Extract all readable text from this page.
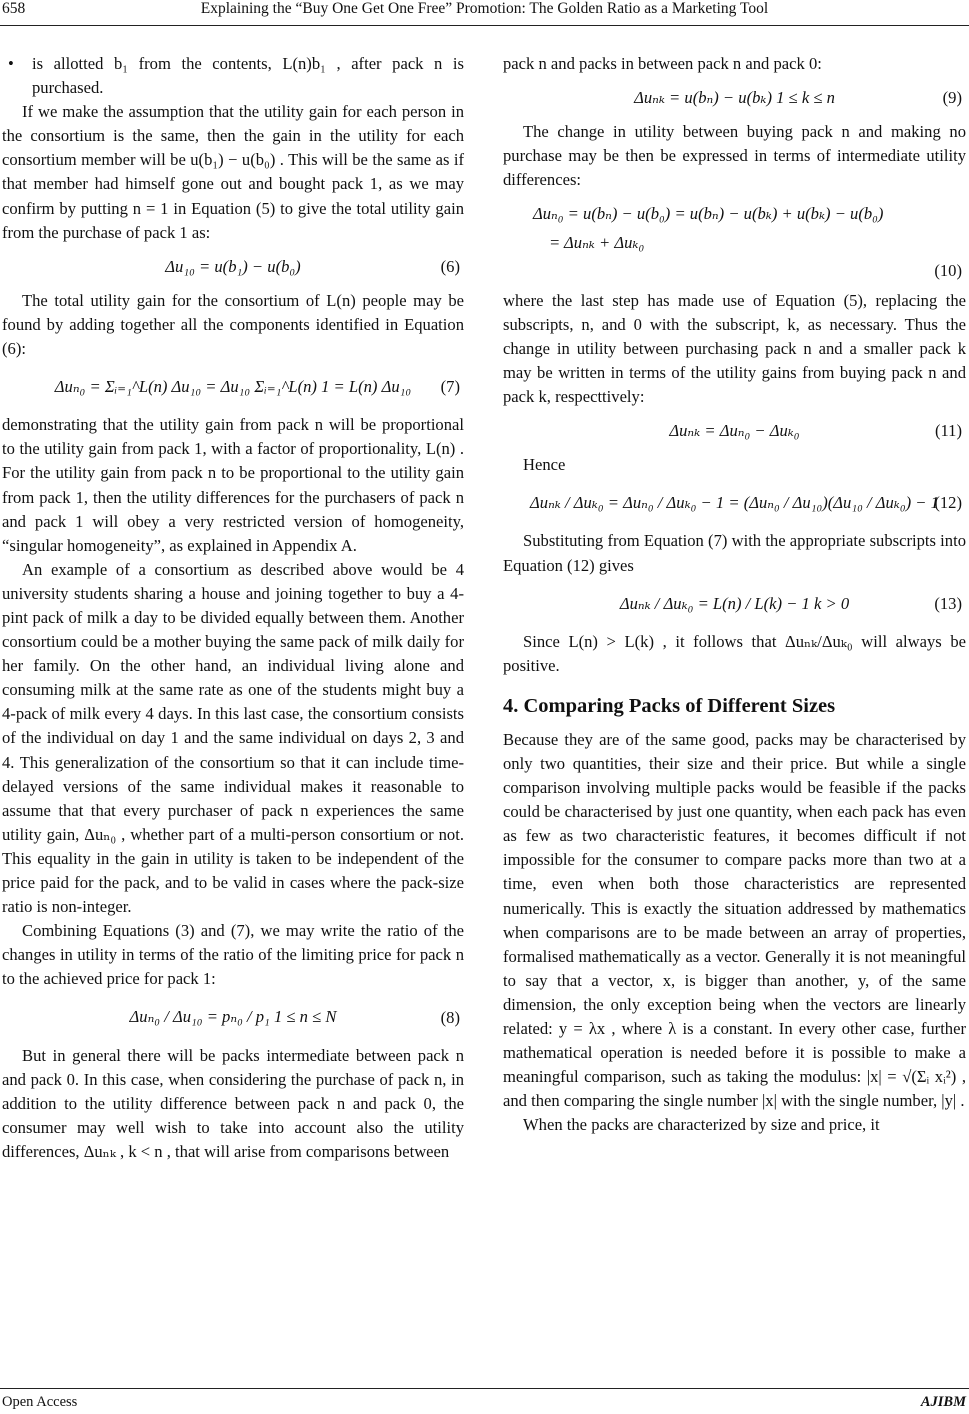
658	Explaining the “Buy One Get One Free” Promotion: The Golden Ratio as a Marketing Tool

• is allotted b₁ from the contents, L(n)b₁ , after pack n is purchased.

If we make the assumption that the utility gain for each person in the consortium is the same, then the gain in the utility for each consortium member will be u(b₁) − u(b₀) . This will be the same as if that member had himself gone out and bought pack 1, as we may confirm by putting n = 1 in Equation (5) to give the total utility gain from the purchase of pack 1 as:

Δu₁₀ = u(b₁) − u(b₀)	(6)

The total utility gain for the consortium of L(n) people may be found by adding together all the components identified in Equation (6):

Δuₙ₀ = Σᵢ₌₁^L(n) Δu₁₀ = Δu₁₀ Σᵢ₌₁^L(n) 1 = L(n) Δu₁₀ (7)

demonstrating that the utility gain from pack n will be proportional to the utility gain from pack 1, with a factor of proportionality, L(n) . For the utility gain from pack n to be proportional to the utility gain from pack 1, then the utility differences for the purchasers of pack n and pack 1 will obey a very restricted version of homogeneity, “singular homogeneity”, as explained in Appendix A.

An example of a consortium as described above would be 4 university students sharing a house and joining together to buy a 4-pint pack of milk a day to be divided equally between them. Another consortium could be a mother buying the same pack of milk daily for her family. On the other hand, an individual living alone and consuming milk at the same rate as one of the students might buy a 4-pack of milk every 4 days. In this last case, the consortium consists of the individual on day 1 and the same individual on days 2, 3 and 4. This generalization of the consortium so that it can include time-delayed versions of the same individual makes it reasonable to assume that that every purchaser of pack n experiences the same utility gain, Δuₙ₀ , whether part of a multi-person consortium or not. This equality in the gain in utility is taken to be independent of the price paid for the pack, and to be valid in cases where the pack-size ratio is non-integer.

Combining Equations (3) and (7), we may write the ratio of the changes in utility in terms of the ratio of the limiting price for pack n to the achieved price for pack 1:

Δuₙ₀ / Δu₁₀ = pₙ₀ / p₁ 1 ≤ n ≤ N	(8)

But in general there will be packs intermediate between pack n and pack 0. In this case, when considering the purchase of pack n, in addition to the utility difference between pack n and pack 0, the consumer may well wish to take into account also the utility differences, Δuₙₖ , k < n , that will arise from comparisons between

pack n and packs in between pack n and pack 0:

Δuₙₖ = u(bₙ) − u(bₖ) 1 ≤ k ≤ n	(9)

The change in utility between buying pack n and making no purchase may be then be expressed in terms of intermediate utility differences:

Δuₙ₀ = u(bₙ) − u(b₀) = u(bₙ) − u(bₖ) + u(bₖ) − u(b₀)
= Δuₙₖ + Δuₖ₀
(10)

where the last step has made use of Equation (5), replacing the subscripts, n, and 0 with the subscript, k, as necessary. Thus the change in utility between purchasing pack n and a smaller pack k may be written in terms of the utility gains from buying pack n and pack k, respecttively:

Δuₙₖ = Δuₙ₀ − Δuₖ₀	(11)

Hence

Δuₙₖ / Δuₖ₀ = Δuₙ₀ / Δuₖ₀ − 1 = (Δuₙ₀ / Δu₁₀)(Δu₁₀ / Δuₖ₀) − 1
(12)

Substituting from Equation (7) with the appropriate subscripts into Equation (12) gives

Δuₙₖ / Δuₖ₀ = L(n) / L(k) − 1 k > 0	(13)

Since L(n) > L(k) , it follows that Δuₙₖ/Δuₖ₀ will always be positive.

4. Comparing Packs of Different Sizes

Because they are of the same good, packs may be characterised by only two quantities, their size and their price. But while a single comparison involving multiple packs would be feasible if the packs could be characterised by just one quantity, when each pack has even as few as two characteristic features, it becomes difficult if not impossible for the consumer to compare packs more than two at a time, even when both those characteristics are represented numerically. This is exactly the situation addressed by mathematics when comparisons are to be made between an array of properties, formalised mathematically as a vector. Generally it is not meaningful to say that a vector, x, is bigger than another, y, of the same dimension, the only exception being when the vectors are linearly related: y = λx , where λ is a constant. In every other case, further mathematical operation is needed before it is possible to make a meaningful comparison, such as taking the modulus: |x| = √(Σᵢ xᵢ²) , and then comparing the single number |x| with the single number, |y| .

When the packs are characterized by size and price, it

Open Access	AJIBM
